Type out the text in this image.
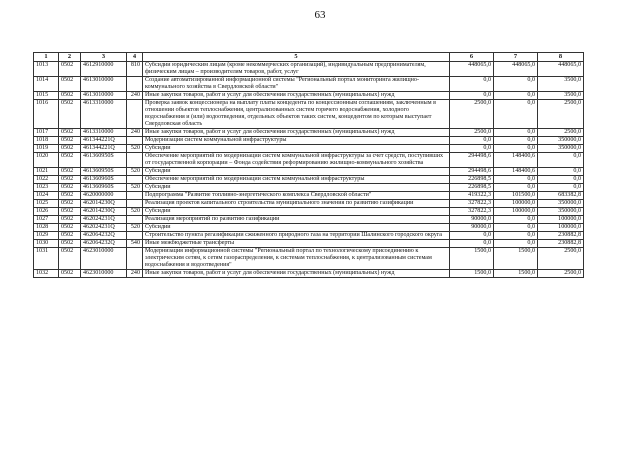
63
1	2	3	4	5	6	7	8
1013	0502	4612910000	810	Субсидии юридическим лицам (кроме некоммерческих организаций), индивидуальным предпринимателям, физическим лицам – производителям товаров, работ, услуг	448065,0	448065,0	448065,0
1014	0502	4613010000		Создание автоматизированной информационной системы "Региональный портал мониторинга жилищно-коммунального хозяйства в Свердловской области"	0,0	0,0	3500,0
1015	0502	4613010000	240	Иные закупки товаров, работ и услуг для обеспечения государственных (муниципальных) нужд	0,0	0,0	3500,0
1016	0502	4613310000		Проверка заявок концессионера на выплату платы концедента по концессионным соглашениям, заключенным в отношении объектов теплоснабжения, централизованных систем горячего водоснабжения, холодного водоснабжения и (или) водоотведения, отдельных объектов таких систем, концедентом по которым выступает Свердловская область	2500,0	0,0	2500,0
1017	0502	4613310000	240	Иные закупки товаров, работ и услуг для обеспечения государственных (муниципальных) нужд	2500,0	0,0	2500,0
1018	0502	461344221Q		Модернизация систем коммунальной инфраструктуры	0,0	0,0	350000,0
1019	0502	461344221Q	520	Субсидии	0,0	0,0	350000,0
1020	0502	461360950S		Обеспечение мероприятий по модернизации систем коммунальной инфраструктуры за счет средств, поступивших от государственной корпорации – Фонда содействия реформированию жилищно-коммунального хозяйства	294498,6	148400,6	0,0
1021	0502	461360950S	520	Субсидии	294498,6	148400,6	0,0
1022	0502	461360960S		Обеспечение мероприятий по модернизации систем коммунальной инфраструктуры	226898,5	0,0	0,0
1023	0502	461360960S	520	Субсидии	226898,5	0,0	0,0
1024	0502	4620000000		Подпрограмма "Развитие топливно-энергетического комплекса Свердловской области"	419322,3	101500,0	683382,8
1025	0502	462014230Q		Реализация проектов капитального строительства муниципального значения по развитию газификации	327822,3	100000,0	350000,0
1026	0502	462014230Q	520	Субсидии	327822,3	100000,0	350000,0
1027	0502	462024231Q		Реализация мероприятий по развитию газификации	90000,0	0,0	100000,0
1028	0502	462024231Q	520	Субсидии	90000,0	0,0	100000,0
1029	0502	462064232Q		Строительство пункта регазификации сжиженного природного газа на территории Шалинского городского округа	0,0	0,0	230882,8
1030	0502	462064232Q	540	Иные межбюджетные трансферты	0,0	0,0	230882,8
1031	0502	4623010000		Модернизация информационной системы "Региональный портал по технологическому присоединению к электрическим сетям, к сетям газораспределения, к системам теплоснабжения, к централизованным системам водоснабжения и водоотведения"	1500,0	1500,0	2500,0
1032	0502	4623010000	240	Иные закупки товаров, работ и услуг для обеспечения государственных (муниципальных) нужд	1500,0	1500,0	2500,0
